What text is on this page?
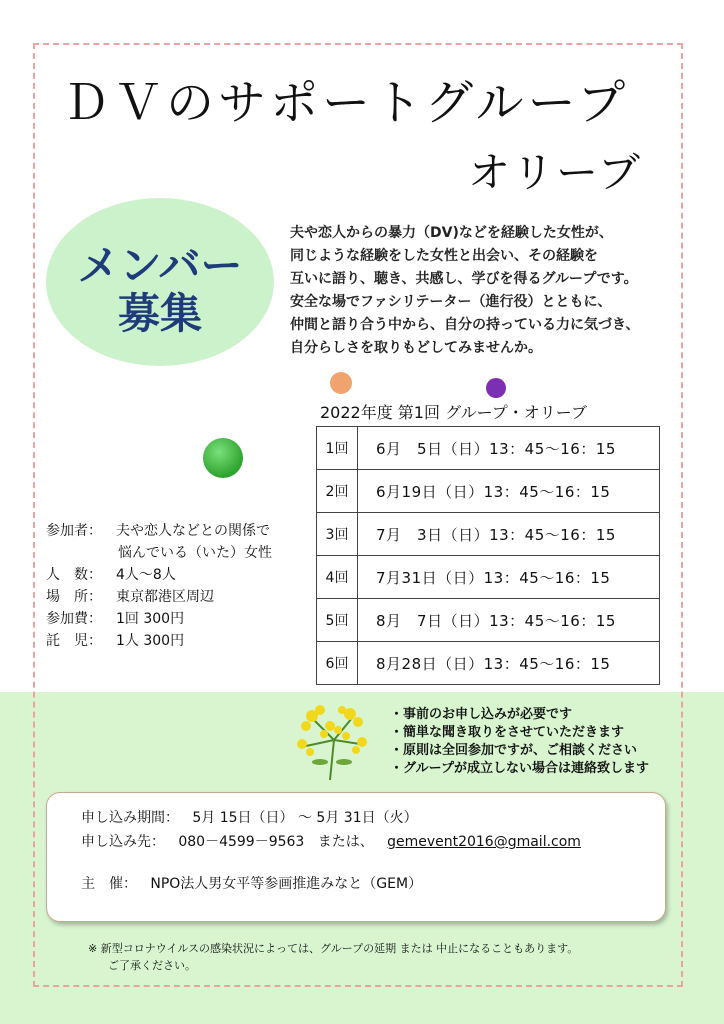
ＤＶのサポートグループ
オリーブ
メンバー
募集
夫や恋人からの暴力（DV)などを経験した女性が、
同じような経験をした女性と出会い、その経験を
互いに語り、聴き、共感し、学びを得るグループです。
安全な場でファシリテーター（進行役）とともに、
仲間と語り合う中から、自分の持っている力に気づき、
自分らしさを取りもどしてみませんか。
2022年度 第1回 グループ・オリーブ
1回	6月　5日（日）13：45〜16：15
2回	6月19日（日）13：45〜16：15
3回	7月　3日（日）13：45〜16：15
4回	7月31日（日）13：45〜16：15
5回	8月　7日（日）13：45〜16：15
6回	8月28日（日）13：45〜16：15
参加者：	夫や恋人などとの関係で
悩んでいる（いた）女性
人　数：	4人〜8人
場　所：	東京都港区周辺
参加費：	1回 300円
託　児：	1人 300円
・ 事前のお申し込みが必要です
・ 簡単な聞き取りをさせていただきます
・ 原則は全回参加ですが、ご相談ください
・ グループが成立しない場合は連絡致します
申し込み期間： 5月 15日（日） 〜 5月 31日（火）
申し込み先： 080－4599－9563 または、 gemevent2016@gmail.com
主　催： NPO法人男女平等参画推進みなと（GEM）
※ 新型コロナウイルスの感染状況によっては、グループの延期 または 中止になることもあります。
ご了承ください。
